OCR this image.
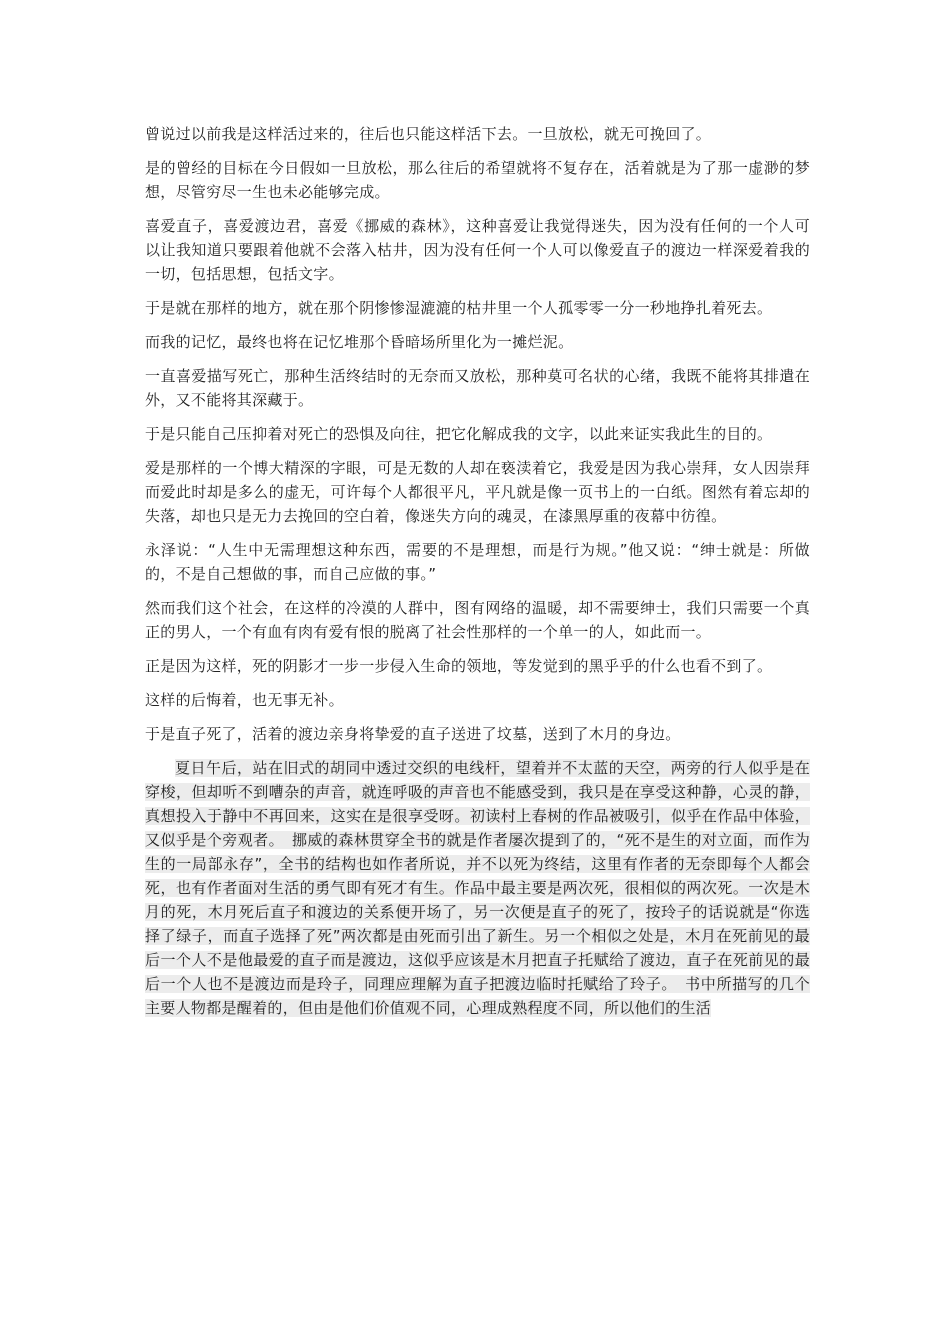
曾说过以前我是这样活过来的，往后也只能这样活下去。一旦放松，就无可挽回了。

是的曾经的目标在今日假如一旦放松，那么往后的希望就将不复存在，活着就是为了那一虚渺的梦想，尽管穷尽一生也未必能够完成。

喜爱直子，喜爱渡边君，喜爱《挪威的森林》，这种喜爱让我觉得迷失，因为没有任何的一个人可以让我知道只要跟着他就不会落入枯井，因为没有任何一个人可以像爱直子的渡边一样深爱着我的一切，包括思想，包括文字。

于是就在那样的地方，就在那个阴惨惨湿漉漉的枯井里一个人孤零零一分一秒地挣扎着死去。

而我的记忆，最终也将在记忆堆那个昏暗场所里化为一摊烂泥。

一直喜爱描写死亡，那种生活终结时的无奈而又放松，那种莫可名状的心绪，我既不能将其排遣在外，又不能将其深藏于。

于是只能自己压抑着对死亡的恐惧及向往，把它化解成我的文字，以此来证实我此生的目的。

爱是那样的一个博大精深的字眼，可是无数的人却在亵渎着它，我爱是因为我心崇拜，女人因崇拜而爱此时却是多么的虚无，可许每个人都很平凡，平凡就是像一页书上的一白纸。图然有着忘却的失落，却也只是无力去挽回的空白着，像迷失方向的魂灵，在漆黑厚重的夜幕中彷徨。

永泽说：“人生中无需理想这种东西，需要的不是理想，而是行为规。”他又说：“绅士就是：所做的，不是自己想做的事，而自己应做的事。”

然而我们这个社会，在这样的冷漠的人群中，图有网络的温暖，却不需要绅士，我们只需要一个真正的男人，一个有血有肉有爱有恨的脱离了社会性那样的一个单一的人，如此而一。

正是因为这样，死的阴影才一步一步侵入生命的领地，等发觉到的黑乎乎的什么也看不到了。

这样的后悔着，也无事无补。

于是直子死了，活着的渡边亲身将挚爱的直子送进了坟墓，送到了木月的身边。

夏日午后，站在旧式的胡同中透过交织的电线杆，望着并不太蓝的天空，两旁的行人似乎是在穿梭，但却听不到嘈杂的声音，就连呼吸的声音也不能感受到，我只是在享受这种静，心灵的静，真想投入于静中不再回来，这实在是很享受呀。初读村上春树的作品被吸引，似乎在作品中体验，又似乎是个旁观者。　挪威的森林贯穿全书的就是作者屡次提到了的，“死不是生的对立面，而作为生的一局部永存”，全书的结构也如作者所说，并不以死为终结，这里有作者的无奈即每个人都会死，也有作者面对生活的勇气即有死才有生。作品中最主要是两次死，很相似的两次死。一次是木月的死，木月死后直子和渡边的关系便开场了，另一次便是直子的死了，按玲子的话说就是“你选择了绿子，而直子选择了死”两次都是由死而引出了新生。另一个相似之处是，木月在死前见的最后一个人不是他最爱的直子而是渡边，这似乎应该是木月把直子托赋给了渡边，直子在死前见的最后一个人也不是渡边而是玲子，同理应理解为直子把渡边临时托赋给了玲子。　书中所描写的几个主要人物都是醒着的，但由是他们价值观不同，心理成熟程度不同，所以他们的生活
